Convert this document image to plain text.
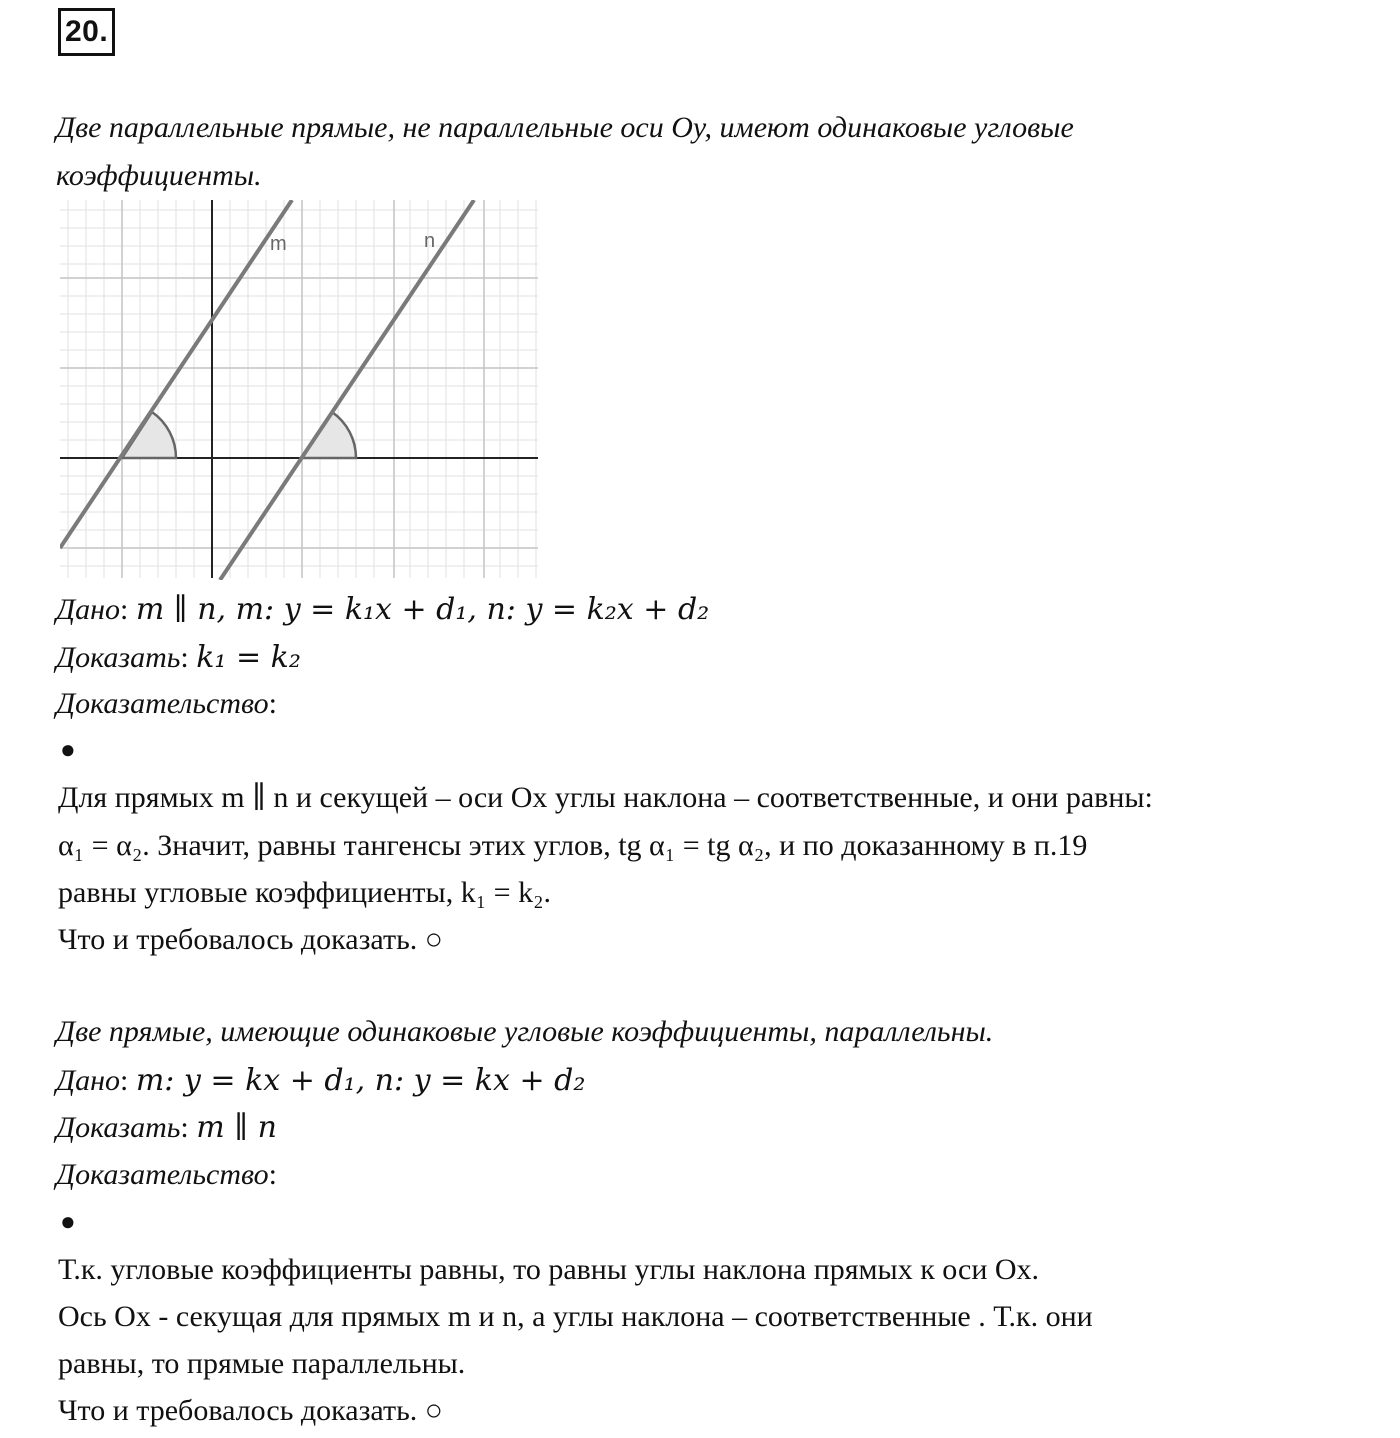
20.
Две параллельные прямые, не параллельные оси Oy, имеют одинаковые угловые
коэффициенты.
m	n
Дано: m ∥ n, m: y = k₁x + d₁, n: y = k₂x + d₂
Доказать: k₁ = k₂
Доказательство:
●
Для прямых m ∥ n и секущей – оси Ox углы наклона – соответственные, и они равны:
α₁ = α₂. Значит, равны тангенсы этих углов, tg α₁ = tg α₂, и по доказанному в п.19
равны угловые коэффициенты, k₁ = k₂.
Что и требовалось доказать. ○
Две прямые, имеющие одинаковые угловые коэффициенты, параллельны.
Дано: m: y = kx + d₁, n: y = kx + d₂
Доказать: m ∥ n
Доказательство:
●
Т.к. угловые коэффициенты равны, то равны углы наклона прямых к оси Ox.
Ось Ox - секущая для прямых m и n, а углы наклона – соответственные . Т.к. они
равны, то прямые параллельны.
Что и требовалось доказать. ○
